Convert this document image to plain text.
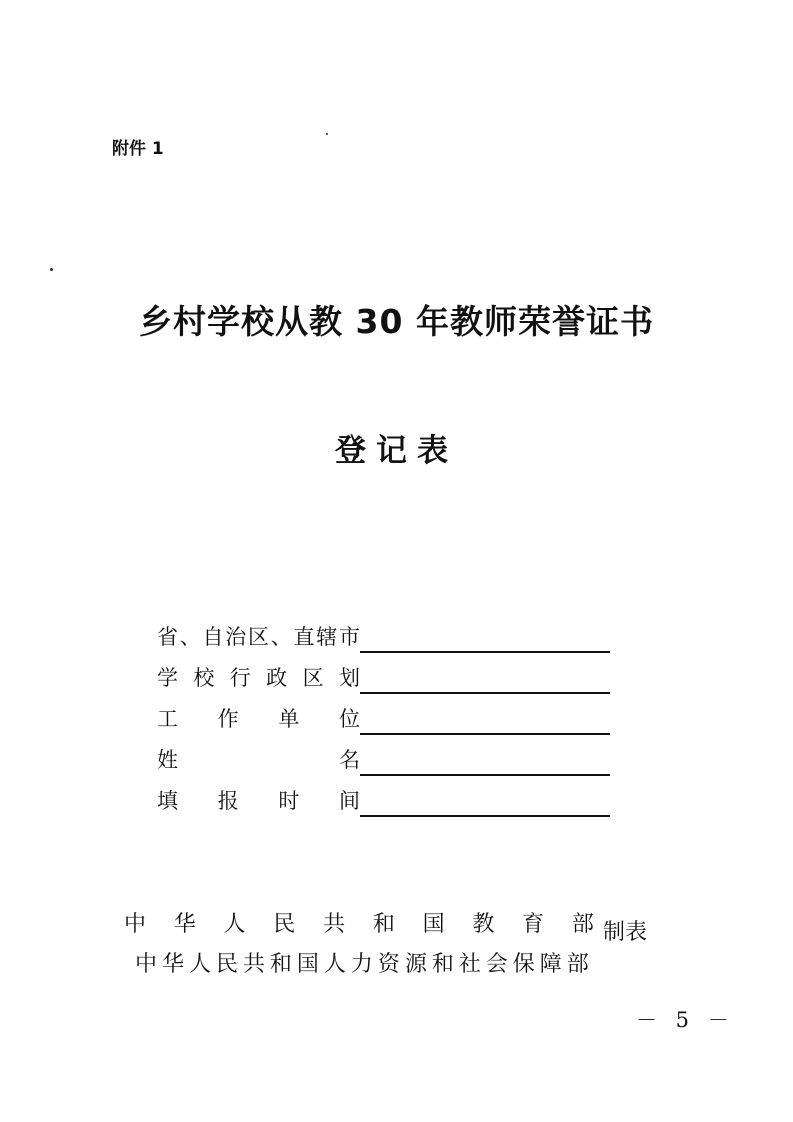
附件 1
乡村学校从教 30 年教师荣誉证书
登记表
省 、 自 治 区 、 直 辖 市
学 校 行 政 区 划
工 作 单 位
姓	名
填 报 时 间
中 华 人 民 共 和 国 教 育 部
中 华 人 民 共 和 国 人 力 资 源 和 社 会 保 障 部
制表
－ 5 －
